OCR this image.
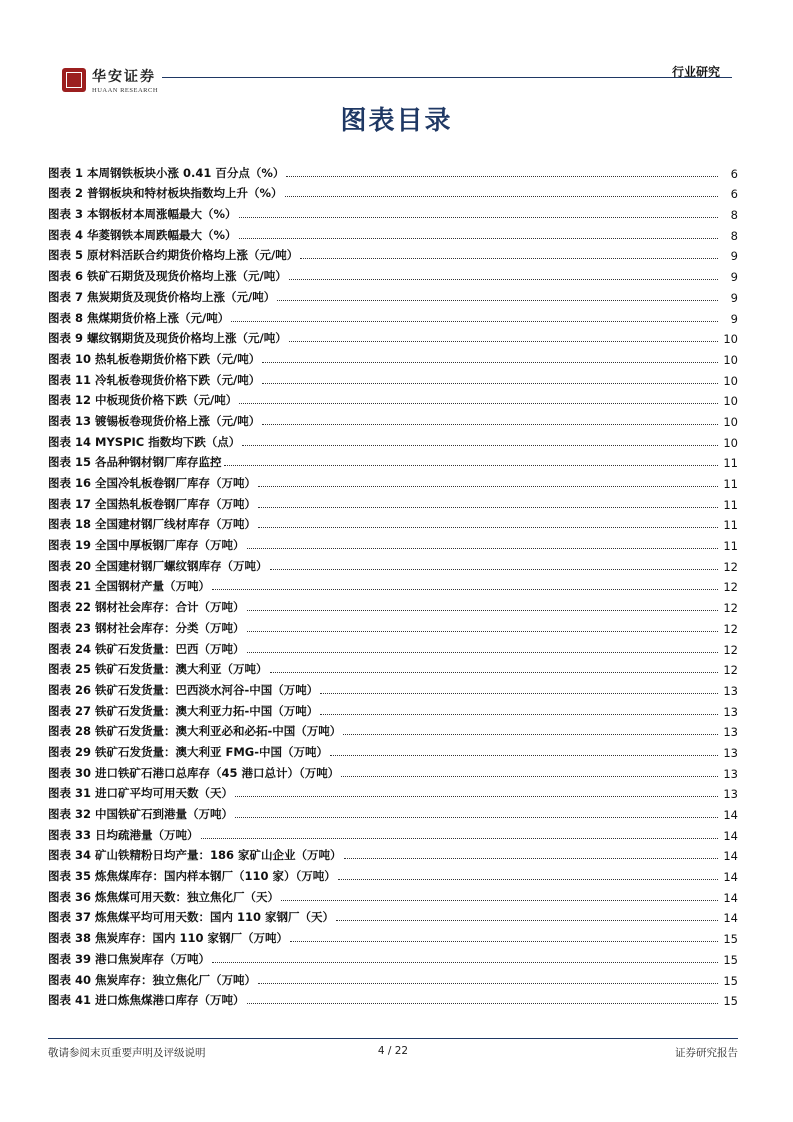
华安证券
HUAAN RESEARCH
行业研究
图表目录
图表 1 本周钢铁板块小涨 0.41 百分点（%）	6
图表 2 普钢板块和特材板块指数均上升（%）	6
图表 3 本钢板材本周涨幅最大（%）	8
图表 4 华菱钢铁本周跌幅最大（%）	8
图表 5 原材料活跃合约期货价格均上涨（元/吨）	9
图表 6 铁矿石期货及现货价格均上涨（元/吨）	9
图表 7 焦炭期货及现货价格均上涨（元/吨）	9
图表 8 焦煤期货价格上涨（元/吨）	9
图表 9 螺纹钢期货及现货价格均上涨（元/吨）	10
图表 10 热轧板卷期货价格下跌（元/吨）	10
图表 11 冷轧板卷现货价格下跌（元/吨）	10
图表 12 中板现货价格下跌（元/吨）	10
图表 13 镀锡板卷现货价格上涨（元/吨）	10
图表 14 MYSPIC 指数均下跌（点）	10
图表 15 各品种钢材钢厂库存监控	11
图表 16 全国冷轧板卷钢厂库存（万吨）	11
图表 17 全国热轧板卷钢厂库存（万吨）	11
图表 18 全国建材钢厂线材库存（万吨）	11
图表 19 全国中厚板钢厂库存（万吨）	11
图表 20 全国建材钢厂螺纹钢库存（万吨）	12
图表 21 全国钢材产量（万吨）	12
图表 22 钢材社会库存：合计（万吨）	12
图表 23 钢材社会库存：分类（万吨）	12
图表 24 铁矿石发货量：巴西（万吨）	12
图表 25 铁矿石发货量：澳大利亚（万吨）	12
图表 26 铁矿石发货量：巴西淡水河谷-中国（万吨）	13
图表 27 铁矿石发货量：澳大利亚力拓-中国（万吨）	13
图表 28 铁矿石发货量：澳大利亚必和必拓-中国（万吨）	13
图表 29 铁矿石发货量：澳大利亚 FMG-中国（万吨）	13
图表 30 进口铁矿石港口总库存（45 港口总计）（万吨）	13
图表 31 进口矿平均可用天数（天）	13
图表 32 中国铁矿石到港量（万吨）	14
图表 33 日均疏港量（万吨）	14
图表 34 矿山铁精粉日均产量：186 家矿山企业（万吨）	14
图表 35 炼焦煤库存：国内样本钢厂（110 家）（万吨）	14
图表 36 炼焦煤可用天数：独立焦化厂（天）	14
图表 37 炼焦煤平均可用天数：国内 110 家钢厂（天）	14
图表 38 焦炭库存：国内 110 家钢厂（万吨）	15
图表 39 港口焦炭库存（万吨）	15
图表 40 焦炭库存：独立焦化厂（万吨）	15
图表 41 进口炼焦煤港口库存（万吨）	15
敬请参阅末页重要声明及评级说明	4 / 22	证券研究报告
